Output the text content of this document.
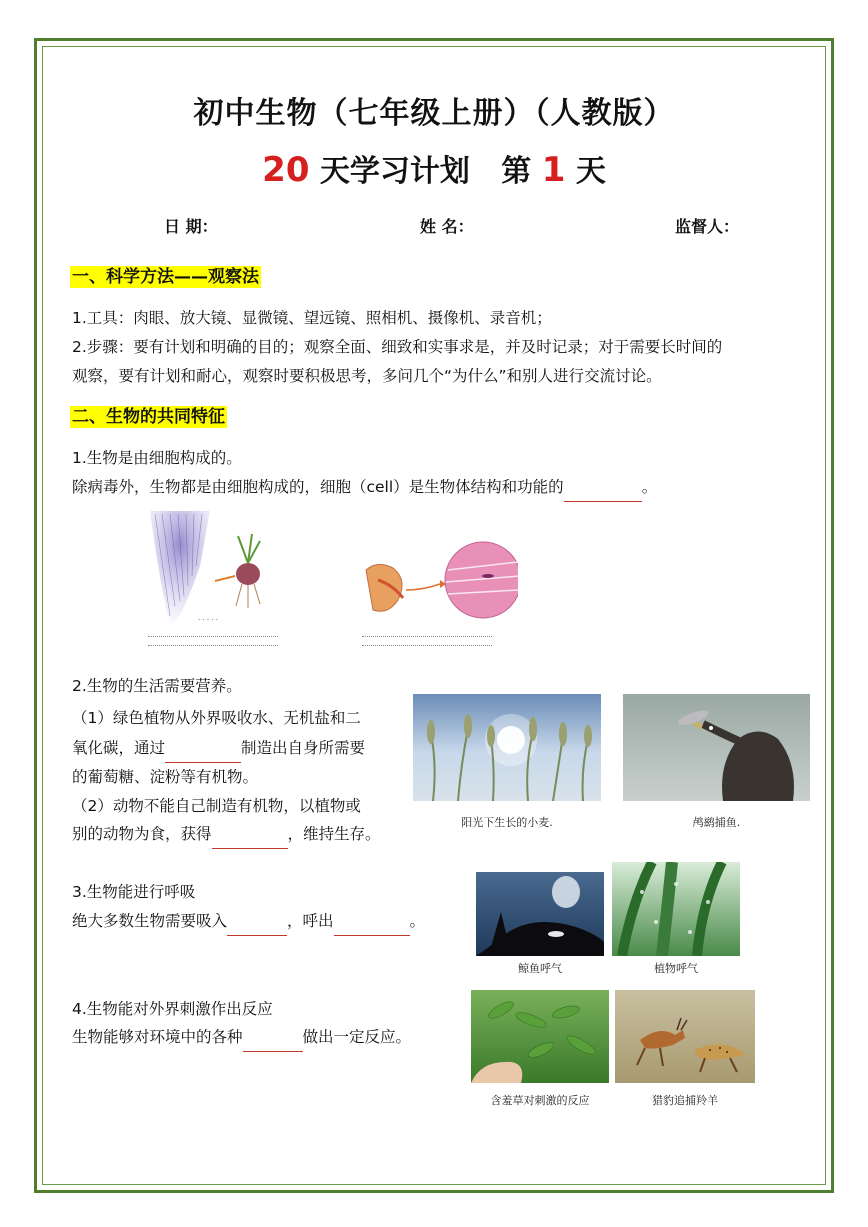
初中生物（七年级上册）（人教版）
20 天学习计划   第 1 天
日 期：	姓 名：	监督人：
一、科学方法——观察法
1.工具：肉眼、放大镜、显微镜、望远镜、照相机、摄像机、录音机；
2.步骤：要有计划和明确的目的；观察全面、细致和实事求是，并及时记录；对于需要长时间的
观察，要有计划和耐心，观察时要积极思考，多问几个“为什么”和别人进行交流讨论。
二、生物的共同特征
1.生物是由细胞构成的。
除病毒外，生物都是由细胞构成的，细胞（cell）是生物体结构和功能的	。
· · · · ·
2.生物的生活需要营养。
（1）绿色植物从外界吸收水、无机盐和二
氧化碳，通过	制造出自身所需要
的葡萄糖、淀粉等有机物。
（2）动物不能自己制造有机物，以植物或
别的动物为食，获得	，维持生存。
阳光下生长的小麦.	鸬鹚捕鱼.
3.生物能进行呼吸
绝大多数生物需要吸入	，呼出	。
鲸鱼呼气	植物呼气
4.生物能对外界刺激作出反应
生物能够对环境中的各种	做出一定反应。
含羞草对刺激的反应	猎豹追捕羚羊
